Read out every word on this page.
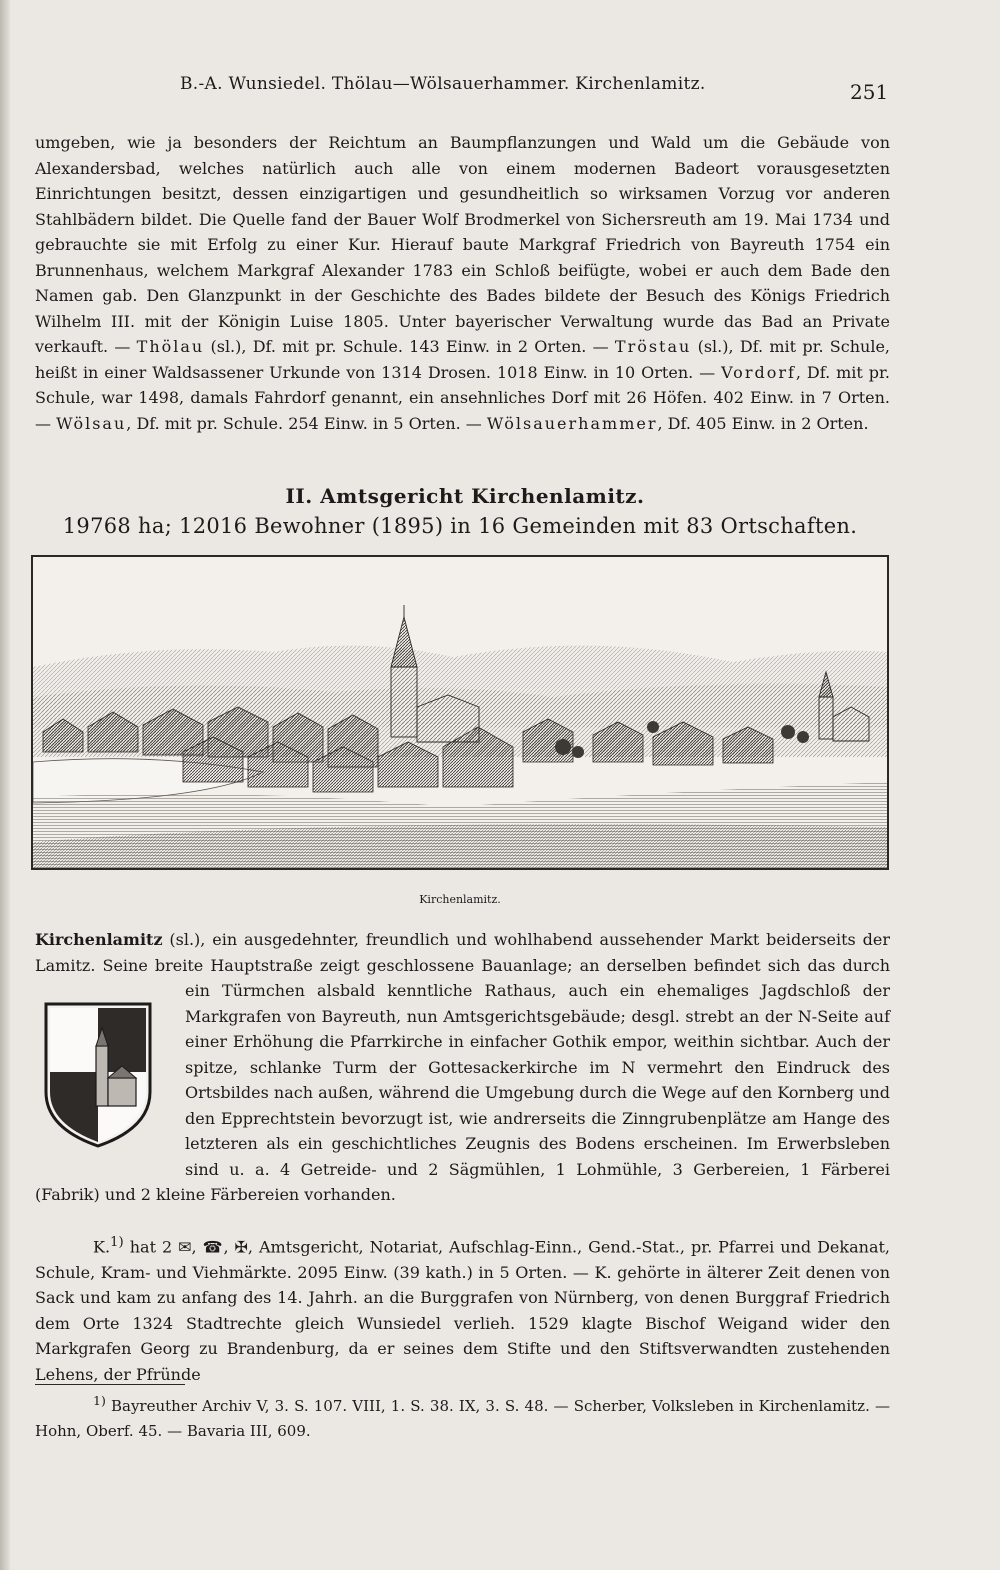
B.-A. Wunsiedel. Thölau—Wölsauerhammer. Kirchenlamitz.	251

umgeben, wie ja besonders der Reichtum an Baumpflanzungen und Wald um die Gebäude von Alexandersbad, welches natürlich auch alle von einem modernen Badeort vorausgesetzten Einrichtungen besitzt, dessen einzigartigen und gesundheitlich so wirksamen Vorzug vor anderen Stahlbädern bildet. Die Quelle fand der Bauer Wolf Brodmerkel von Sichersreuth am 19. Mai 1734 und gebrauchte sie mit Erfolg zu einer Kur. Hierauf baute Markgraf Friedrich von Bayreuth 1754 ein Brunnenhaus, welchem Markgraf Alexander 1783 ein Schloß beifügte, wobei er auch dem Bade den Namen gab. Den Glanzpunkt in der Geschichte des Bades bildete der Besuch des Königs Friedrich Wilhelm III. mit der Königin Luise 1805. Unter bayerischer Verwaltung wurde das Bad an Private verkauft. — Thölau (sl.), Df. mit pr. Schule. 143 Einw. in 2 Orten. — Tröstau (sl.), Df. mit pr. Schule, heißt in einer Waldsassener Urkunde von 1314 Drosen. 1018 Einw. in 10 Orten. — Vordorf, Df. mit pr. Schule, war 1498, damals Fahrdorf genannt, ein ansehnliches Dorf mit 26 Höfen. 402 Einw. in 7 Orten. — Wölsau, Df. mit pr. Schule. 254 Einw. in 5 Orten. — Wölsauerhammer, Df. 405 Einw. in 2 Orten.

II. Amtsgericht Kirchenlamitz.
19768 ha; 12016 Bewohner (1895) in 16 Gemeinden mit 83 Ortschaften.
Kirchenlamitz.

Kirchenlamitz (sl.), ein ausgedehnter, freundlich und wohlhabend aussehender Markt beiderseits der Lamitz. Seine breite Hauptstraße zeigt geschlossene Bauanlage; an derselben befindet sich das durch ein Türmchen alsbald kenntliche Rathaus, auch ein ehemaliges Jagdschloß der Markgrafen von Bayreuth, nun Amtsgerichtsgebäude; desgl. strebt an der N-Seite auf einer Erhöhung die Pfarrkirche in einfacher Gothik empor, weithin sichtbar. Auch der spitze, schlanke Turm der Gottesackerkirche im N vermehrt den Eindruck des Ortsbildes nach außen, während die Umgebung durch die Wege auf den Kornberg und den Epprechtstein bevorzugt ist, wie andrerseits die Zinngrubenplätze am Hange des letzteren als ein geschichtliches Zeugnis des Bodens erscheinen. Im Erwerbsleben sind u. a. 4 Getreide- und 2 Sägmühlen, 1 Lohmühle, 3 Gerbereien, 1 Färberei (Fabrik) und 2 kleine Färbereien vorhanden.

K.$^{1)}$ hat 2 ✉, ☎, ✠, Amtsgericht, Notariat, Aufschlag-Einn., Gend.-Stat., pr. Pfarrei und Dekanat, Schule, Kram- und Viehmärkte. 2095 Einw. (39 kath.) in 5 Orten. — K. gehörte in älterer Zeit denen von Sack und kam zu anfang des 14. Jahrh. an die Burggrafen von Nürnberg, von denen Burggraf Friedrich dem Orte 1324 Stadtrechte gleich Wunsiedel verlieh. 1529 klagte Bischof Weigand wider den Markgrafen Georg zu Brandenburg, da er seines dem Stifte und den Stiftsverwandten zustehenden Lehens, der Pfründe

$^{1)}$ Bayreuther Archiv V, 3. S. 107. VIII, 1. S. 38. IX, 3. S. 48. — Scherber, Volksleben in Kirchenlamitz. — Hohn, Oberf. 45. — Bavaria III, 609.
